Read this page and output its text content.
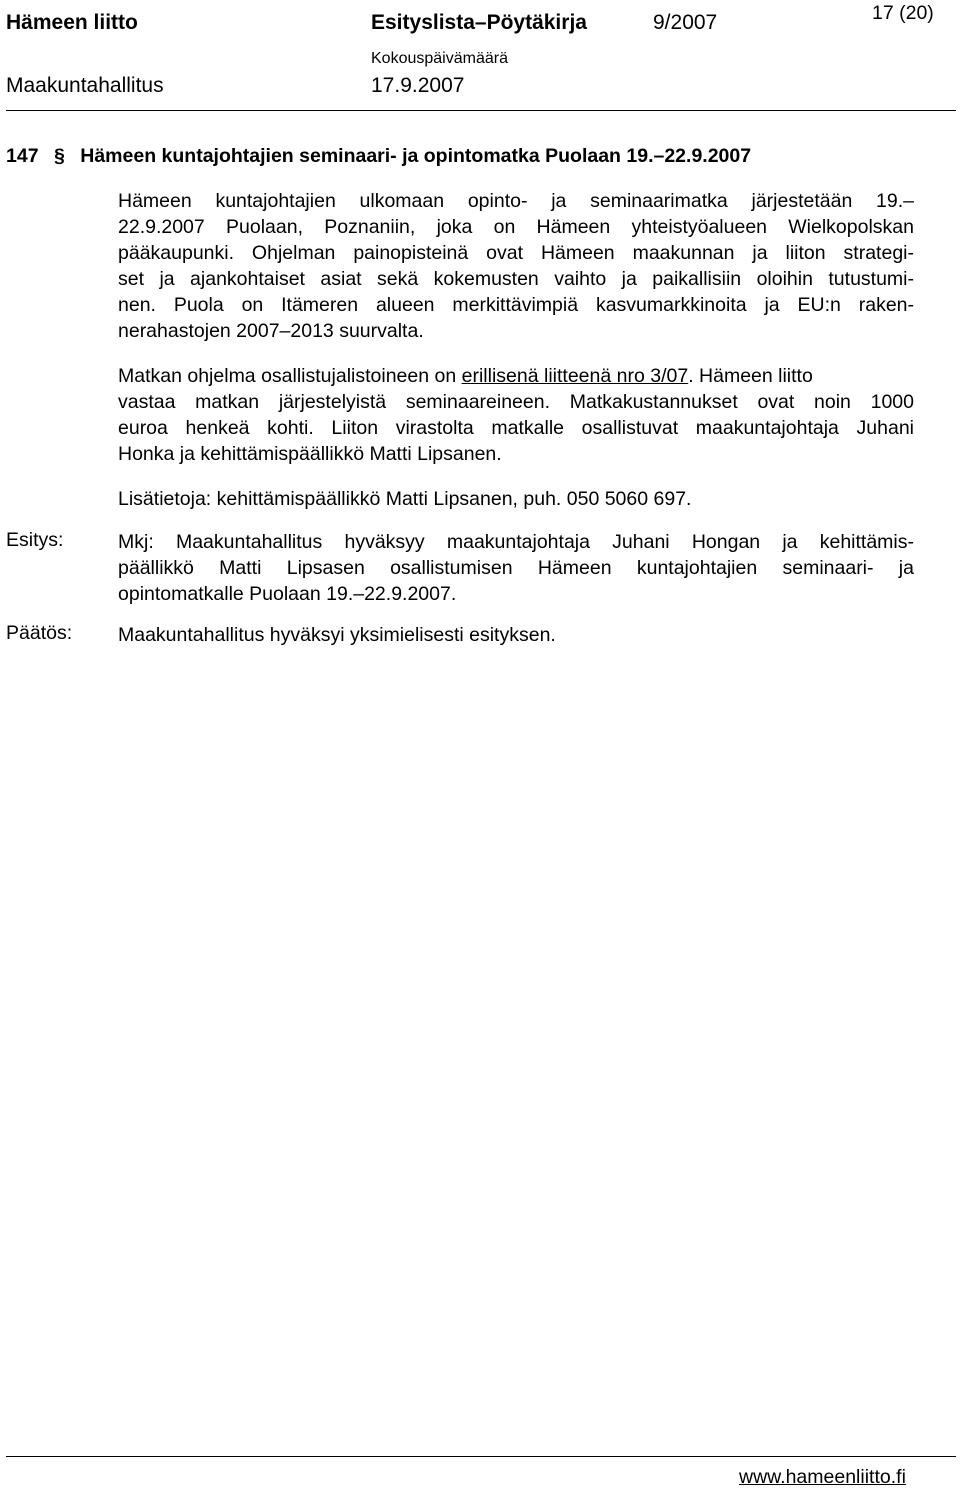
Hämeen liitto	Esityslista–Pöytäkirja	9/2007	17 (20)
Kokouspäivämäärä
Maakuntahallitus	17.9.2007
147 § Hämeen kuntajohtajien seminaari- ja opintomatka Puolaan 19.–22.9.2007
Hämeen kuntajohtajien ulkomaan opinto- ja seminaarimatka järjestetään 19.–
22.9.2007 Puolaan, Poznaniin, joka on Hämeen yhteistyöalueen Wielkopolskan
pääkaupunki. Ohjelman painopisteinä ovat Hämeen maakunnan ja liiton strategi-
set ja ajankohtaiset asiat sekä kokemusten vaihto ja paikallisiin oloihin tutustumi-
nen. Puola on Itämeren alueen merkittävimpiä kasvumarkkinoita ja EU:n raken-
nerahastojen 2007–2013 suurvalta.
Matkan ohjelma osallistujalistoineen on erillisenä liitteenä nro 3/07. Hämeen liitto
vastaa matkan järjestelyistä seminaareineen. Matkakustannukset ovat noin 1000
euroa henkeä kohti. Liiton virastolta matkalle osallistuvat maakuntajohtaja Juhani
Honka ja kehittämispäällikkö Matti Lipsanen.
Lisätietoja: kehittämispäällikkö Matti Lipsanen, puh. 050 5060 697.
Esitys:	Mkj: Maakuntahallitus hyväksyy maakuntajohtaja Juhani Hongan ja kehittämis-
päällikkö Matti Lipsasen osallistumisen Hämeen kuntajohtajien seminaari- ja
opintomatkalle Puolaan 19.–22.9.2007.
Päätös: Maakuntahallitus hyväksyi yksimielisesti esityksen.
www.hameenliitto.fi
